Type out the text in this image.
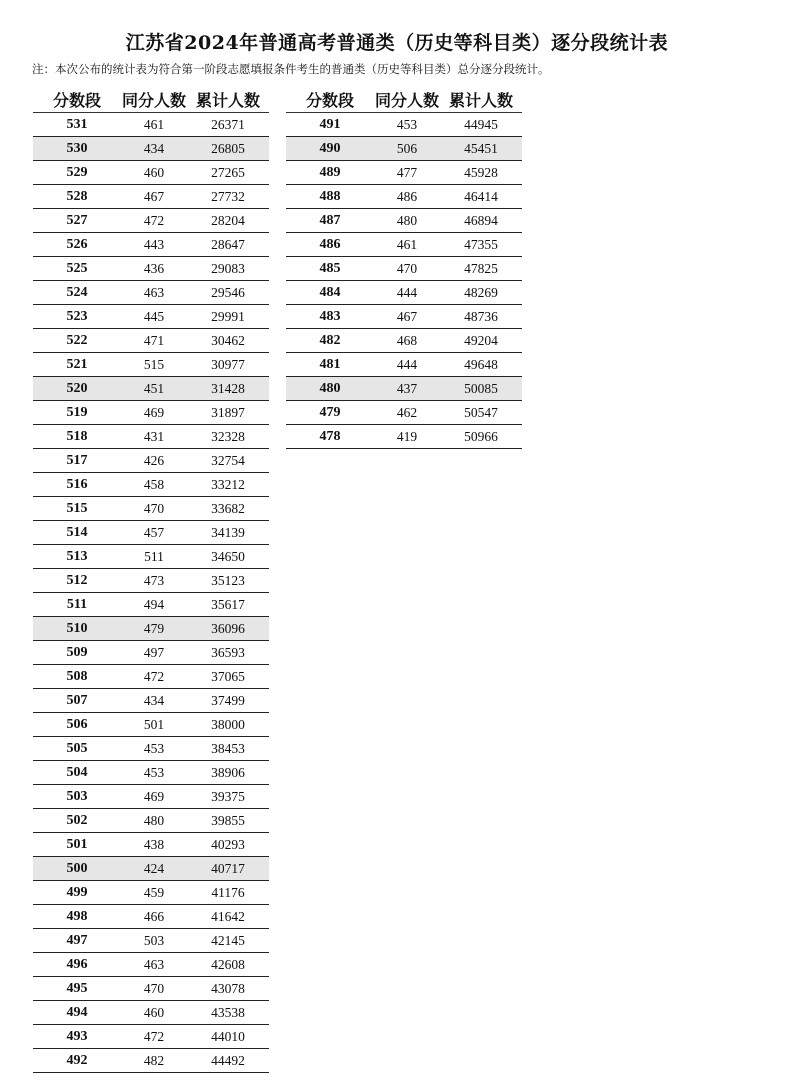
江苏省2024年普通高考普通类（历史等科目类）逐分段统计表
注：本次公布的统计表为符合第一阶段志愿填报条件考生的普通类（历史等科目类）总分逐分段统计。
分数段	同分人数	累计人数
531	461	26371
530	434	26805
529	460	27265
528	467	27732
527	472	28204
526	443	28647
525	436	29083
524	463	29546
523	445	29991
522	471	30462
521	515	30977
520	451	31428
519	469	31897
518	431	32328
517	426	32754
516	458	33212
515	470	33682
514	457	34139
513	511	34650
512	473	35123
511	494	35617
510	479	36096
509	497	36593
508	472	37065
507	434	37499
506	501	38000
505	453	38453
504	453	38906
503	469	39375
502	480	39855
501	438	40293
500	424	40717
499	459	41176
498	466	41642
497	503	42145
496	463	42608
495	470	43078
494	460	43538
493	472	44010
492	482	44492
分数段	同分人数	累计人数
491	453	44945
490	506	45451
489	477	45928
488	486	46414
487	480	46894
486	461	47355
485	470	47825
484	444	48269
483	467	48736
482	468	49204
481	444	49648
480	437	50085
479	462	50547
478	419	50966
